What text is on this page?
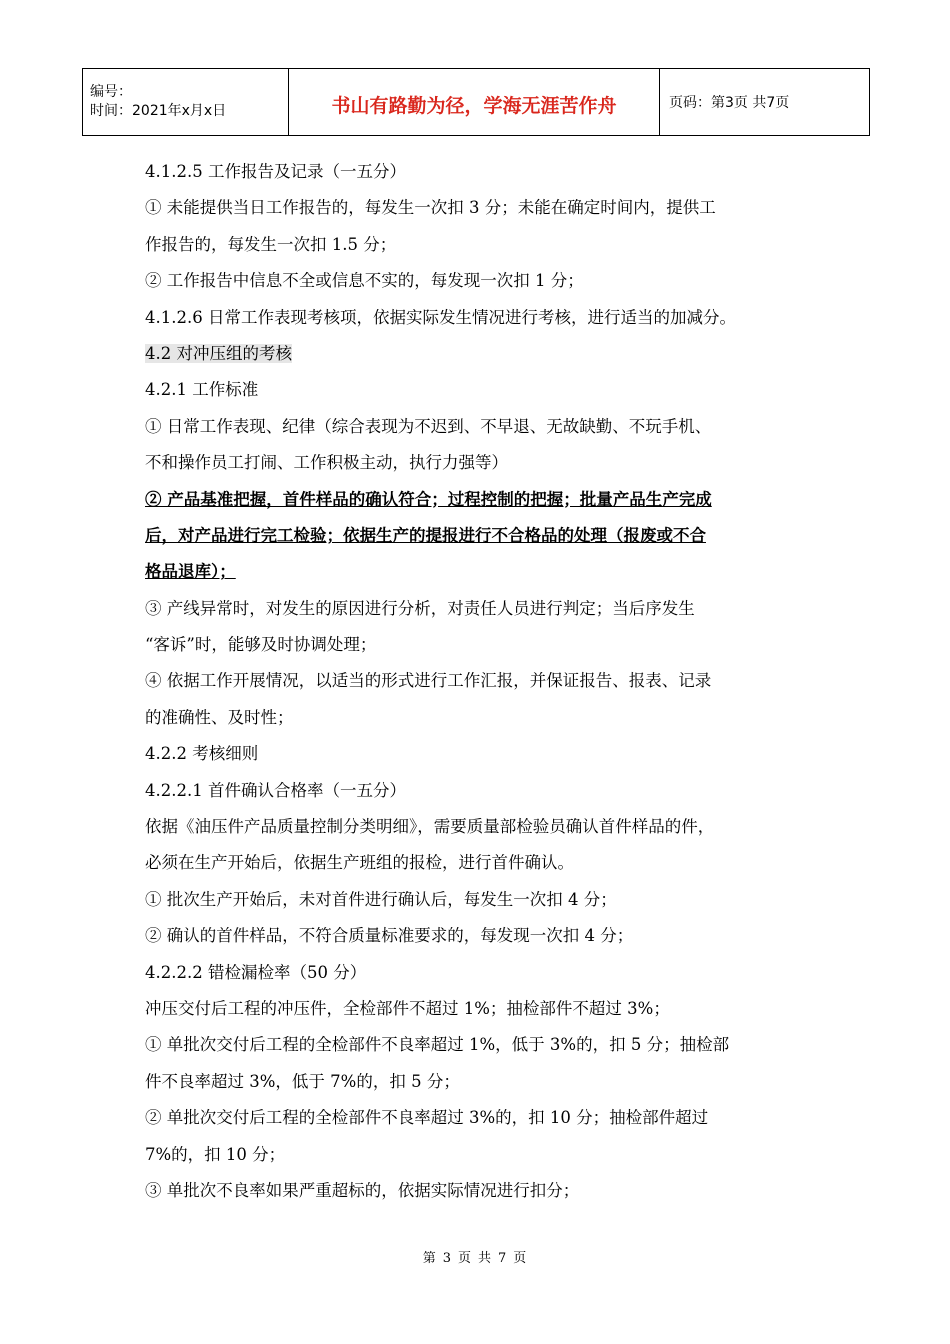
编号：
时间：2021年x月x日	书山有路勤为径，学海无涯苦作舟	页码：第3页 共7页
4.1.2.5 工作报告及记录（一五分）
① 未能提供当日工作报告的，每发生一次扣 3 分；未能在确定时间内，提供工
作报告的，每发生一次扣 1.5 分；
② 工作报告中信息不全或信息不实的，每发现一次扣 1 分；
4.1.2.6 日常工作表现考核项，依据实际发生情况进行考核，进行适当的加减分。
4.2 对冲压组的考核
4.2.1 工作标准
① 日常工作表现、纪律（综合表现为不迟到、不早退、无故缺勤、不玩手机、
不和操作员工打闹、工作积极主动，执行力强等）
② 产品基准把握，首件样品的确认符合；过程控制的把握；批量产品生产完成
后，对产品进行完工检验；依据生产的提报进行不合格品的处理（报废或不合
格品退库）；
③ 产线异常时，对发生的原因进行分析，对责任人员进行判定；当后序发生
“客诉”时，能够及时协调处理；
④ 依据工作开展情况，以适当的形式进行工作汇报，并保证报告、报表、记录
的准确性、及时性；
4.2.2 考核细则
4.2.2.1 首件确认合格率（一五分）
依据《油压件产品质量控制分类明细》，需要质量部检验员确认首件样品的件，
必须在生产开始后，依据生产班组的报检，进行首件确认。
① 批次生产开始后，未对首件进行确认后，每发生一次扣 4 分；
② 确认的首件样品，不符合质量标准要求的，每发现一次扣 4 分；
4.2.2.2 错检漏检率（50 分）
冲压交付后工程的冲压件，全检部件不超过 1%；抽检部件不超过 3%；
① 单批次交付后工程的全检部件不良率超过 1%，低于 3%的，扣 5 分；抽检部
件不良率超过 3%，低于 7%的，扣 5 分；
② 单批次交付后工程的全检部件不良率超过 3%的，扣 10 分；抽检部件超过
7%的，扣 10 分；
③ 单批次不良率如果严重超标的，依据实际情况进行扣分；
第 3 页 共 7 页
